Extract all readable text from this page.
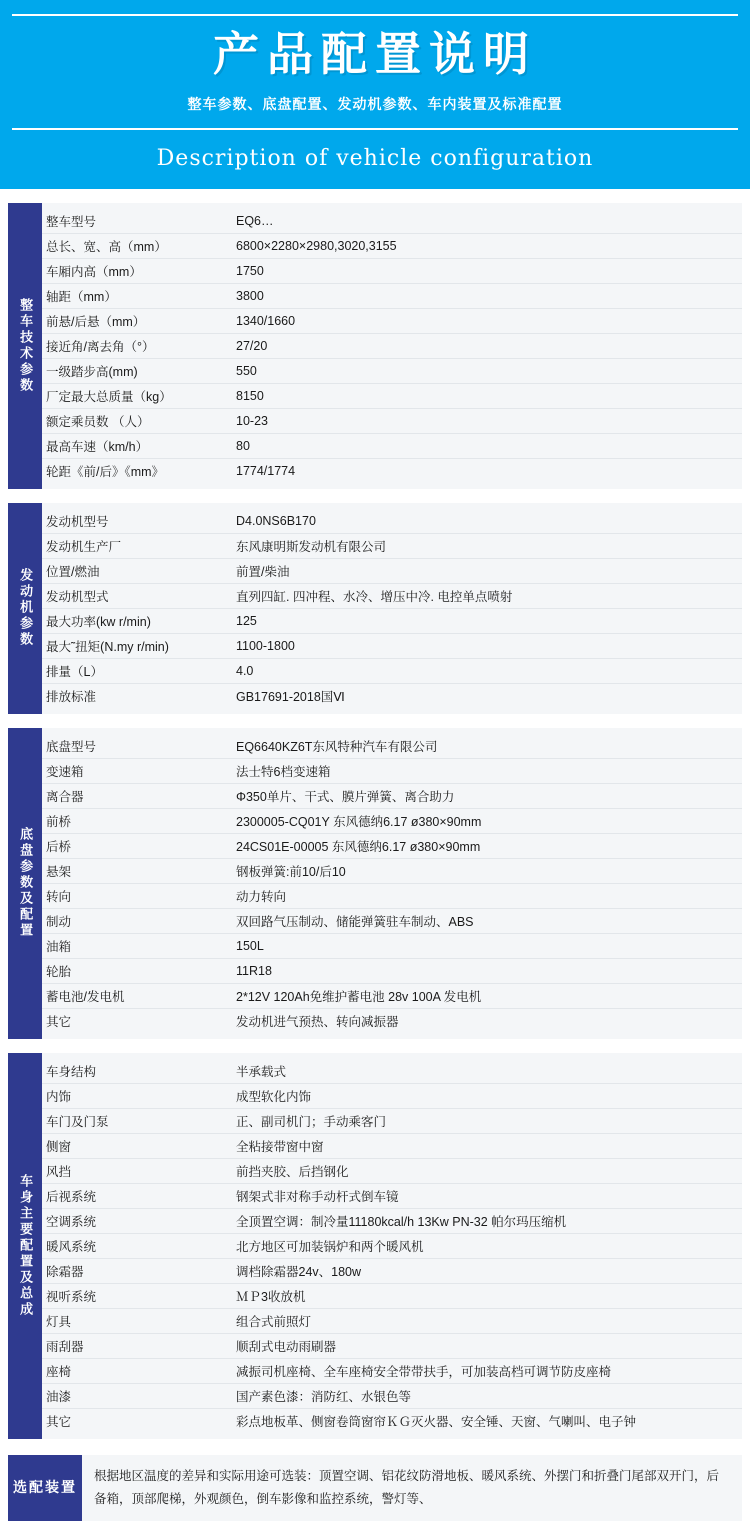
产品配置说明
整车参数、底盘配置、发动机参数、车内装置及标准配置
Description of vehicle configuration
整车技术参数
整车型号	EQ6…
总长、宽、高（mm）	6800×2280×2980,3020,3155
车厢内高（mm）	1750
轴距（mm）	3800
前悬/后悬（mm）	1340/1660
接近角/离去角（°）	27/20
一级踏步高(mm)	550
厂定最大总质量（kg）	8150
额定乘员数 （人）	10-23
最高车速（km/h）	80
轮距《前/后》《mm》	1774/1774
发动机参数
发动机型号	D4.0NS6B170
发动机生产厂	东风康明斯发动机有限公司
位置/燃油	前置/柴油
发动机型式	直列四缸. 四冲程、水冷、增压中冷. 电控单点喷射
最大功率(kw r/min)	125
最大˜扭矩(N.my r/min)	1100-1800
排量（L）	4.0
排放标准	GB17691-2018国Ⅵ
底盘参数及配置
底盘型号	EQ6640KZ6T东风特种汽车有限公司
变速箱	法士特6档变速箱
离合器	Φ350单片、干式、膜片弹簧、离合助力
前桥	2300005-CQ01Y 东风德纳6.17 ø380×90mm
后桥	24CS01E-00005 东风德纳6.17 ø380×90mm
悬架	钢板弹簧:前10/后10
转向	动力转向
制动	双回路气压制动、储能弹簧驻车制动、ABS
油箱	150L
轮胎	11R18
蓄电池/发电机	2*12V 120Ah免维护蓄电池 28v 100A 发电机
其它	发动机进气预热、转向减振器
车身主要配置及总成
车身结构	半承载式
内饰	成型软化内饰
车门及门泵	正、副司机门；手动乘客门
侧窗	全粘接带窗中窗
风挡	前挡夹胶、后挡钢化
后视系统	钢架式非对称手动杆式倒车镜
空调系统	全顶置空调：制冷量11180kcal/h 13Kw PN-32 帕尔玛压缩机
暖风系统	北方地区可加装锅炉和两个暖风机
除霜器	调档除霜器24v、180w
视听系统	ＭＰ3收放机
灯具	组合式前照灯
雨刮器	顺刮式电动雨刷器
座椅	减振司机座椅、全车座椅安全带带扶手，可加装高档可调节防皮座椅
油漆	国产素色漆：消防红、水银色等
其它	彩点地板革、侧窗卷筒窗帘ＫＧ灭火器、安全锤、天窗、气喇叫、电子钟
选配装置
根据地区温度的差异和实际用途可选装：顶置空调、铝花纹防滑地板、暖风系统、外摆门和折叠门尾部双开门，后备箱，顶部爬梯，外观颜色，倒车影像和监控系统，警灯等、
